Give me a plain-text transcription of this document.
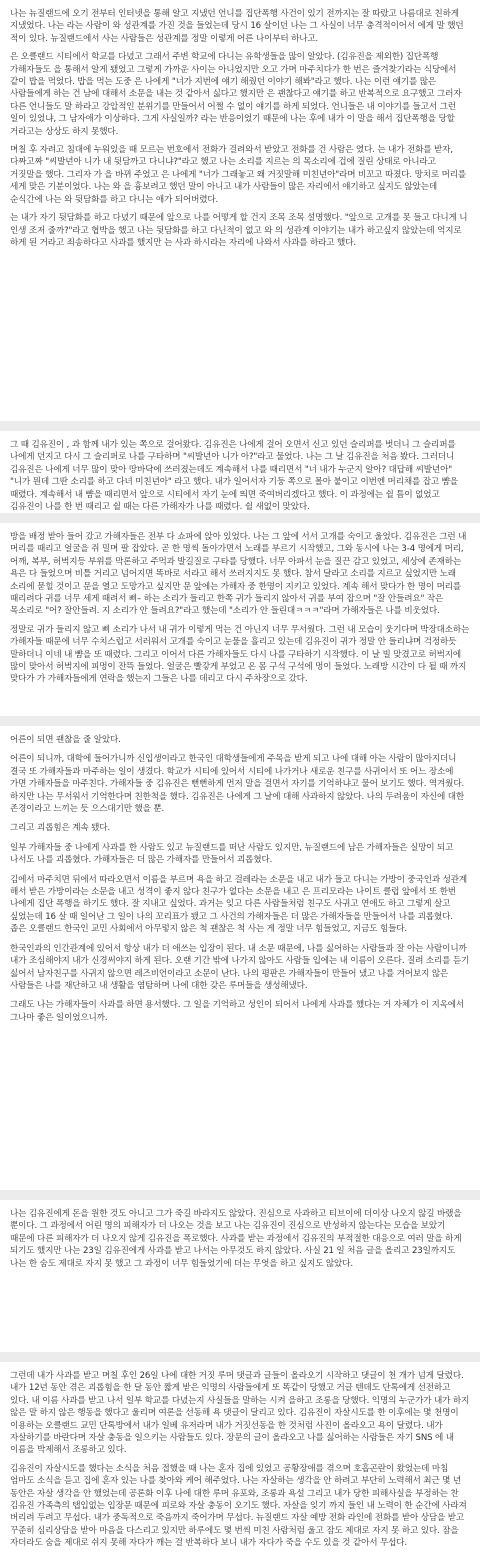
나는 뉴질랜드에 오기 전부터 인터넷을 통해 알고 지냈던 언니를 집단폭행 사건이 있기 전까지는 잘 따랐고 나름대로 친하게 지냈었다. 나는 라는 사람이 와 성관계를 가진 것을 들었는데 당시 16 살이던 나는 그 사실이 너무 충격적이어서 에게 말 했던 적이 있다. 뉴질랜드에서 사는 사람들은 성관계를 정말 이렇게 어른 나이부터 하나고.

은 오클랜드 시티에서 학교를 다녔고 그래서 주변 학교에 다니는 유학생들을 많이 알았다. (김유진을 제외한) 집단폭행 가해자들도 을 통해서 알게 됐었고 그렇게 가까운 사이는 아니었지만 오고 가며 마주치다가 한 번은 즐겨찾기라는 식당에서 같이 밥을 먹었다. 밥을 먹는 도중 은 나에게 "너가 지번에 얘기 해줬던 이야기 해봐"라고 했다. 나는 이런 얘기를 많은 사람들에게 하는 건 남에 대해서 소문을 내는 것 같아서 싫다고 했지만 은 괜찮다고 얘기를 하고 반복적으로 요구했고 그러자 다른 언니들도 말 하라고 강압적인 분위기를 만들어서 어쩔 수 없이 얘기를 하게 되었다. 언니들은 내 이야기를 들고서 그런 일이 있었냐, 그 남자애가 이상하다. 그게 사실일까? 라는 반응이었기 때문에 나는 후에 내가 이 말을 해서 집단폭행을 당할 거라고는 상상도 하지 못했다.

며칠 후 자려고 침대에 누워있을 때 모르는 번호에서 전화가 걸려와서 받았고 전화를 건 사람은 였다. 는 내가 전화를 받자, 다짜고짜 "씨발년아 니가 내 뒷담까고 다니냐?"라고 했고 나는 소리를 지르는 의 목소리에 겁에 질린 상태로 아니라고 거짓말을 했다. 그리자 가 을 바뀌 주었고 은 나에게 "너가 그래놓고 왜 거짓말해 미친년아"라며 비꼬고 따졌다. 망치로 머리를 세게 맞은 기분이었다. 나는 와 을 흉보려고 했던 말이 아니고 내가 사람들이 많은 자리에서 얘기하고 싶지도 않았는데 순식간에 나는 와 뒷담화를 하고 다니는 애가 되어버렸다.

는 내가 자기 뒷담화를 하고 다녔기 때문에 앞으로 나를 어떻게 할 건지 조목 조목 설명했다. "앞으로 고개를 못 들고 다니게 니 인생 조저 줄까?"라고 협박을 했고 나는 뒷담화를 하고 다닌적이 없고 와 의 성관계 이야기는 내가 하고싶지 않았는데 억지로 하게 된 거라고 죄송하다고 사과를 했지만 는 사과 하시라는 자리에 나와서 사과를 하라고 했다.

그 때 김유진이 , 과 함께 내가 있는 쪽으로 걸어왔다. 김유진은 나에게 걸어 오면서 신고 있던 슬리퍼를 벗더니 그 슬리퍼를 나에게 던지고 다시 그 슬리퍼로 나를 구타하며 "씨발년아 니가 아?"라고 물었다. 나는 그 날 김유진을 처음 봤다. 그러더니 김유진은 나에게 너무 많이 맞아 땅바닥에 쓰러졌는데도 계속해서 나를 때리면서 "너 내가 누군지 알아? 대답해 씨발년아" "니가 뭔데 그딴 소리를 하고 다녀 미친년아" 라고 했다. 내가 일어서자 기둥 쪽으로 몰아 붙이고 이번엔 머리채를 잡고 뺨을 때렸다. 계속해서 내 뺨을 때리면서 앞으로 시티에서 자기 눈에 띄면 죽여버리겠다고 했다. 이 과정에는 쉴 틈이 없었고 김유진이 나를 한 번 때리고 쉴 때는 다른 가해자가 나를 때렸다. 쉴 새없이 맞았다.

방을 배정 받아 들어 갔고 가해자들은 전부 다 쇼파에 앉아 있었다. 나는 그 앞에 서서 고개를 숙이고 울었다. 김유진은 그런 내 머리를 때리고 얼굴을 쥐 밀며 팔 잡았다. 곧 한 명씩 돌아가면서 노래를 부르기 시작했고, 그와 동시에 나는 3-4 명에게 머리, 어깨, 복부, 허벅지등 부위를 막론하고 주먹과 발길질로 구타를 당했다. 너무 아파서 눈을 질끈 감고 있었고, 세상에 존재하는 욕은 다 들었으며 비틀 거리고 넘어지면 똑바로 서라고 해서 쓰러지지도 못 했다. 참서 달라고 소리를 지르고 싶었지만 노래 소리에 묻힐 것이고 문을 열고 도망가고 싶지만 문 앞에는 가해자 중 한명이 지키고 있었다. 계속 해서 맞다가 한 명이 머리를 때리려다 귀를 너무 세게 때려서 삐– 하는 소리가 들리고 한쪽 귀가 들리지 않아서 귀를 부여 잡으며 "잘 안들려요" 작은 목소리로 "어? 잘안들려. 지 소리가 안 들려요?"라고 했는데 "소리가 안 들린대ㅋㅋㅋ"라며 가해자들은 나를 비웃었다.

정말로 귀가 들리지 않고 삐 소리가 나서 내 귀가 이렇게 먹는 건 아닌지 너무 무서웠다. 그런 내 모습이 웃기다며 박장대소하는 가해자들 때문에 너무 수치스럽고 서러워서 고개를 숙이고 눈물을 흘리고 있는데 김유진이 귀가 정말 안 들리냐며 걱정하듯 말하더니 이네 내 뺨을 또 때렸다. 그리고 이어서 다른 가해자들도 다시 나를 구타하기 시작했다. 이 날 빌 맞겼고로 허벅지에 많이 맞아서 허벅지에 피멍이 잔뜩 들었다. 얼굴은 빨갛게 부었고 온 몸 구석 구석에 멍이 들었다. 노래방 시간이 다 될 때 까지 맞다가 가 가해자들에게 연락을 했는지 그들은 나를 데리고 다시 주차장으로 갔다.

어른이 되면 괜찮을 줄 알았다.

어른이 되니까, 대학에 들어가니까 신입생이라고 한국인 대학생들에게 주목을 받게 되고 나에 대해 아는 사람이 많아지더니 결국 또 가해자들과 마주하는 일이 생겼다. 학교가 시티에 있어서 시티에 나가거나 새로운 친구를 사귀어서 또 어느 장소에 가면 가해자들을 마주친다. 가해자들 중 김유진은 뻔뻔하게 먼저 말을 걸면서 자기를 기억하냐고 물어 보기도 했다. 역겨웠다. 하지만 나는 무서워서 기억한다며 친한척을 했다. 김유진은 나에게 그 날에 대해 사과하지 않았다. 나의 두려움이 자신에 대한 존경이라고 느끼는 듯 으스대기만 했을 뿐.

그리고 괴롭힘은 계속 됐다.

일부 가해자들 중 나에게 사과를 한 사람도 있고 뉴질랜드를 떠난 사람도 있지만, 뉴질랜드에 남은 가해자들은 실망이 되고 나서도 나를 괴롭혔다. 가해자들은 더 많은 가해자를 만들어서 괴롭혔다.

김에서 마주치면 뒤에서 따라오면서 이름을 부르며 욕을 하고 걸레라는 소문을 내고 내가 들고 다니는 가방이 중국인과 성관계 해서 받은 가방이라는 소문을 내고 성격이 좋지 않다 친구가 없다는 소문을 내고 은 프리모라는 나이트 클럽 앞에서 또 한번 나에게 집단 폭행을 하기도 했다. 잘 지내고 싶었다. 과거는 잊고 다른 사람들처럼 친구도 사귀고 연애도 하고 그렇게 살고 싶었는데 16 살 때 일어난 그 일이 나의 꼬리표가 됐고 그 사건의 가해자들은 더 많은 가해자들을 만들어서 나를 괴롭혔다. 좁은 오클랜드 한국인 교민 사회에서 아무렇지 않은 척 괜찮은 척 사는 게 정말 너무 힘들었고, 지금도 힘들다.

한국인과의 인간관계에 있어서 항상 내가 더 애쓰는 입장이 된다. 내 소문 때문에, 나를 싫어하는 사람들과 잘 아는 사람이니까 내가 조심해야지 내가 신경써야지 하게 된다. 오랜 기간 밖에 나가지 않아도 사람들 입에는 내 이름이 오른다. 질려 소리를 듣기 싫어서 남자친구를 사귀지 않으면 레즈비언이라고 소문이 난다. 나의 평판은 가해자들이 만들어 냈고 나를 겨어보지 않은 사람들은 나를 재단하고 내 생활을 염탐하며 나에 대한 갖은 루머들을 생성해냈다.

그래도 나는 가해자들이 사과를 하면 용서했다. 그 일을 기억하고 성인이 되어서 나에게 사과를 했다는 거 자체가 이 지옥에서 그나마 좋은 일이었으니까.

나는 김유진에게 돈을 원한 것도 아니고 그가 죽길 바라지도 않았다. 진심으로 사과하고 티브이에 더이상 나오지 않길 바랬을 뿐이다. 그 과정에서 어린 명의 피해자가 더 나오는 것을 보고 나는 김유진이 진심으로 반성하지 않는다는 모습을 보았기 때문에 다른 피해자가 더 나오지 않게 김유진을 폭로했다. 사과를 받는 과정에서 김유진의 부적절한 대응으로 여러 말을 하게 되기도 했지만 나는 23일 김유진에게 사과를 받고 나서는 아무것도 하지 않았다. 사실 21 일 처음 글을 올리고 23일까지도 나는 한 숨도 제대로 자지 못 했고 그 과정이 너무 힘들었기에 더는 무엇을 하고 싶지도 않았다.

그런데 내가 사과를 받고 며칠 후인 26일 나에 대한 거짓 루머 댓글과 글들이 올라오기 시작하고 댓글이 천 개가 넘게 달렸다. 내가 12년 동안 겪은 괴롭힘을 한 달 동안 짧게 받은 익명의 사람들에게 또 똑같이 당했고 거글 텐데도 단톡에게 선전하고 있다. 내 이름 사과를 받고 나서 일부 학교를 다녔는지 사실들을 말하는 시켜 을하고 조롱을 당했다. 익명의 누군가가 내가 하지 않은 말 하지 않은 행동을 했다고 울리며 여론을 선동해 욕 댓글이 달리고 있다. 김유진이 자살시도를 한 이후에는 몇 천명이 이용하는 오클랜드 교민 단톡방에서 내가 일베 유저라며 내가 거짓선동을 한 것처럼 사진이 올라오고 욕이 달렸다. 내가 자살하기를 바란다며 자살 충동을 일으키는 사람들도 있다. 장문의 글이 올라오고 나를 싫어하는 사람들은 자기 SNS 에 내 이름을 박제해서 조롱하고 있다.

김유진이 자살시도를 했다는 소식을 처음 접했을 때 나는 혼자 집에 있었고 공황장애를 겪으며 호흡곤란이 왔었는데 마침 엄마도 소식을 듣고 집에 혼자 있는 나를 찾아와 케어 해주었다. 나는 자살하는 생각을 안 하려고 부단히 노력해서 최근 몇 년 동안은 자살 생각을 안 했었는데 공론화 이후 나에 대한 루머 유포와, 조롱과 욕설 그리고 내가 당한 피해사실을 부정하는 찬 김유진 가족측의 탭입없는 입장문 때문에 피로와 자살 충동이 오기도 했다. 자살을 잊기 까지 들인 내 노력이 한 순간에 사라져 버리려 두려고 무섭다. 내가 중독적으로 죽음까지 죽어가며 무섭다. 뉴질랜드 자살 예방 전화 라인에 전화를 받아 상담을 받고 꾸준히 심리상담을 받아 마음을 다스리고 있지만 하루에도 몇 번씩 미친 사람처럼 울고 잠도 제대로 자지 못 하고 있다. 잠을 자더라도 숨을 제대로 쉬지 못해 자다가 깨는 걸 반복하다 보니 내가 자다가 죽을 수도 있을 것 같아서 무섭다.
